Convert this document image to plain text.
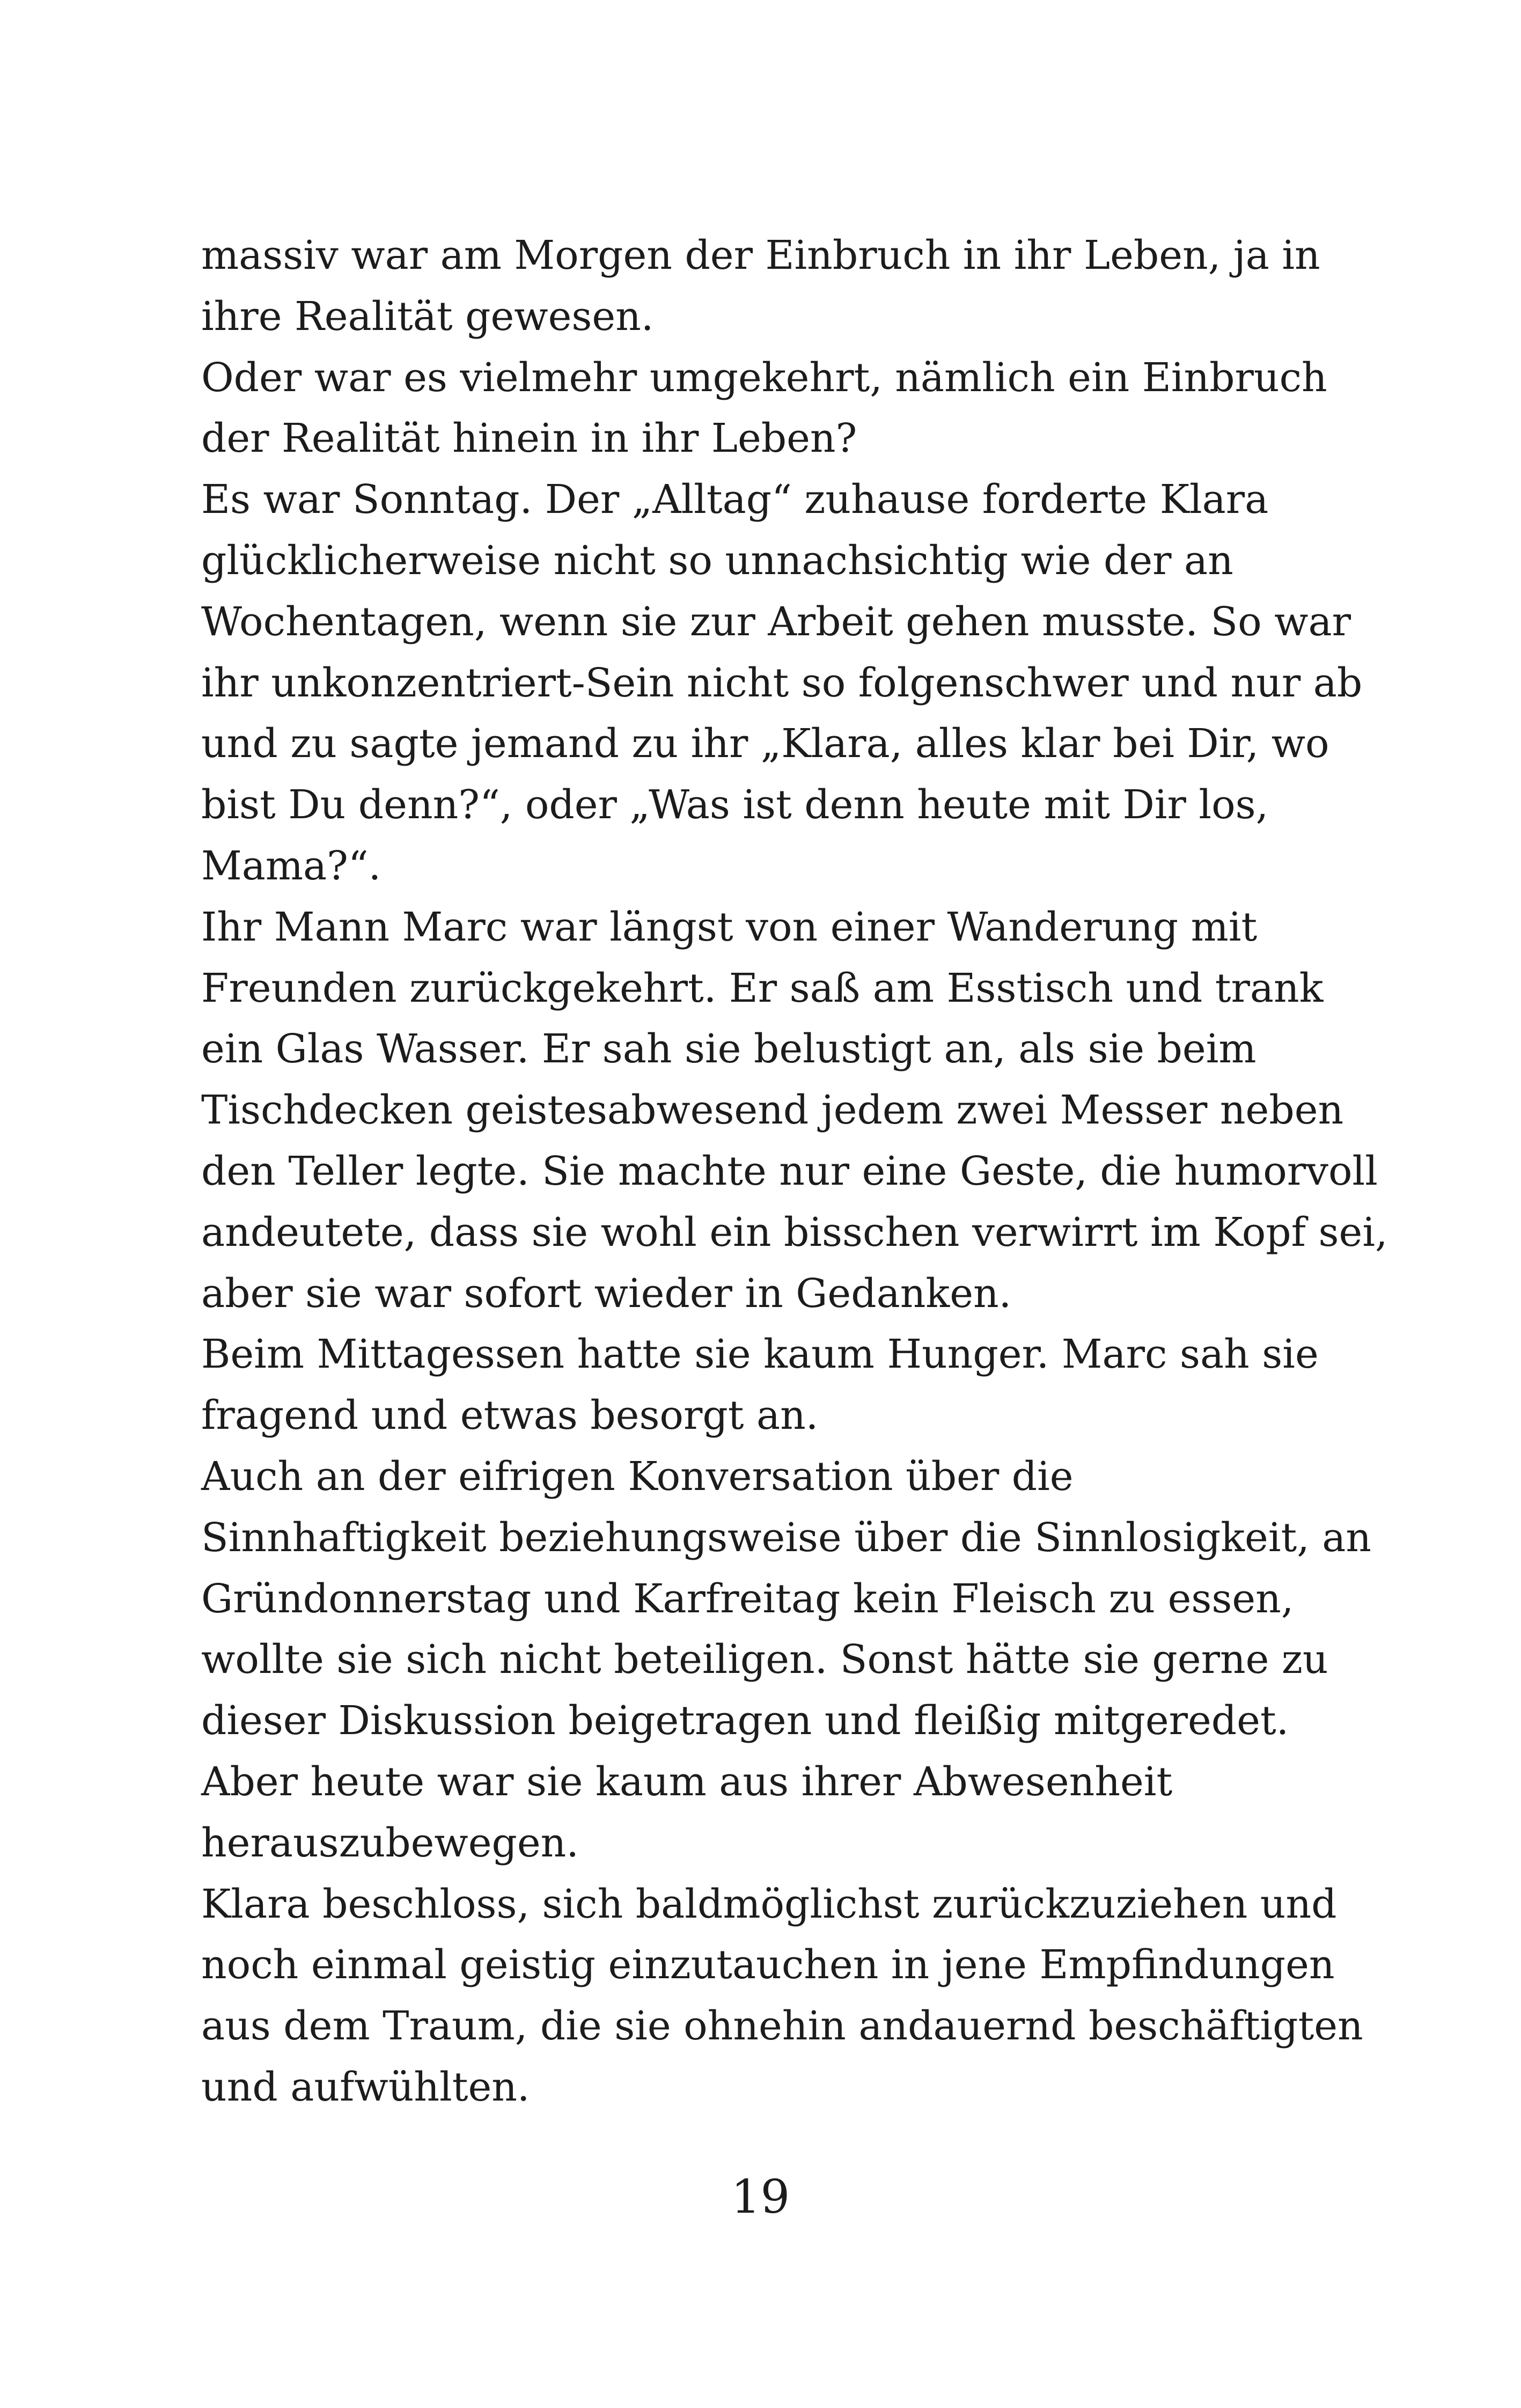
massiv war am Morgen der Einbruch in ihr Leben, ja in
ihre Realität gewesen.
Oder war es vielmehr umgekehrt, nämlich ein Einbruch
der Realität hinein in ihr Leben?
Es war Sonntag. Der „Alltag“ zuhause forderte Klara
glücklicherweise nicht so unnachsichtig wie der an
Wochentagen, wenn sie zur Arbeit gehen musste. So war
ihr unkonzentriert-Sein nicht so folgenschwer und nur ab
und zu sagte jemand zu ihr „Klara, alles klar bei Dir, wo
bist Du denn?“, oder „Was ist denn heute mit Dir los,
Mama?“.
Ihr Mann Marc war längst von einer Wanderung mit
Freunden zurückgekehrt. Er saß am Esstisch und trank
ein Glas Wasser. Er sah sie belustigt an, als sie beim
Tischdecken geistesabwesend jedem zwei Messer neben
den Teller legte. Sie machte nur eine Geste, die humorvoll
andeutete, dass sie wohl ein bisschen verwirrt im Kopf sei,
aber sie war sofort wieder in Gedanken.
Beim Mittagessen hatte sie kaum Hunger. Marc sah sie
fragend und etwas besorgt an.
Auch an der eifrigen Konversation über die
Sinnhaftigkeit beziehungsweise über die Sinnlosigkeit, an
Gründonnerstag und Karfreitag kein Fleisch zu essen,
wollte sie sich nicht beteiligen. Sonst hätte sie gerne zu
dieser Diskussion beigetragen und fleißig mitgeredet.
Aber heute war sie kaum aus ihrer Abwesenheit
herauszubewegen.
Klara beschloss, sich baldmöglichst zurückzuziehen und
noch einmal geistig einzutauchen in jene Empfindungen
aus dem Traum, die sie ohnehin andauernd beschäftigten
und aufwühlten.
19
